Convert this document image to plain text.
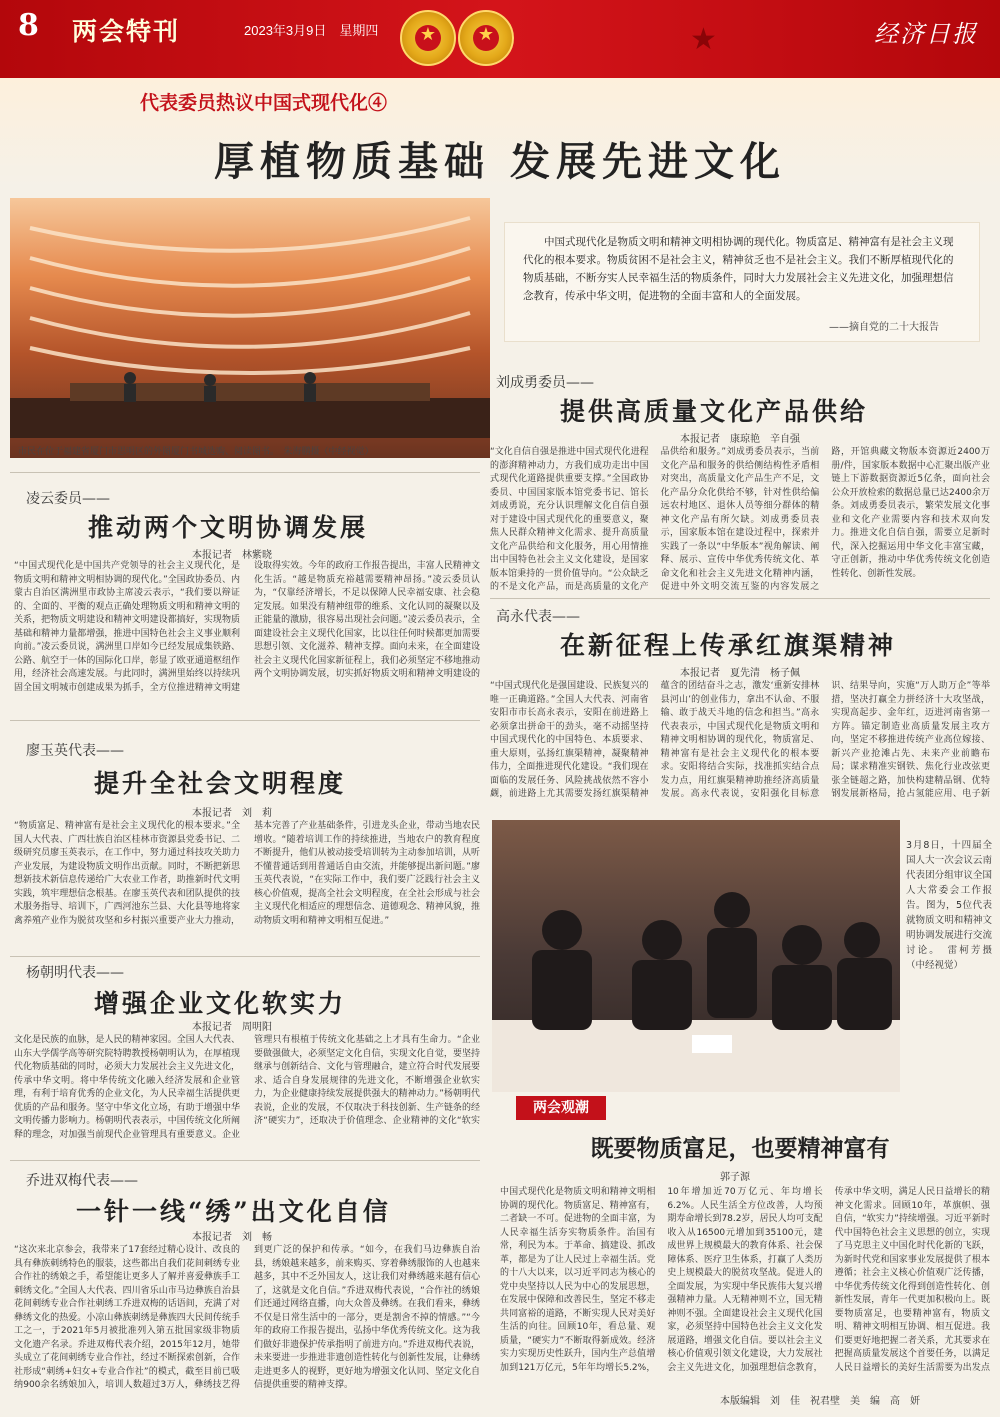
8 两会特刊	2023年3月9日　星期四	★	★	★	经济日报
代表委员热议中国式现代化④
厚植物质基础 发展先进文化
市民在位于福建省厦门市思明区的外图厦门书城选购、阅读图书。　朱海鹏摄（中经视觉）

中国式现代化是物质文明和精神文明相协调的现代化。物质富足、精神富有是社会主义现代化的根本要求。物质贫困不是社会主义，精神贫乏也不是社会主义。我们不断厚植现代化的物质基础，不断夯实人民幸福生活的物质条件，同时大力发展社会主义先进文化，加强理想信念教育，传承中华文明，促进物的全面丰富和人的全面发展。

——摘自党的二十大报告
刘成勇委员——
提供高质量文化产品供给
本报记者　康琼艳　辛自强

“文化自信自强是推进中国式现代化进程的澎湃精神动力，方我们成功走出中国式现代化道路提供重要支撑。”全国政协委员、中国国家版本馆党委书记、馆长刘成勇说，充分认识理解文化自信自强对于建设中国式现代化的重要意义，聚焦人民群众精神文化需求、提升高质量文化产品供给和文化服务，用心用情推出中国特色社会主义文化建设，是国家版本馆秉持的一贯价值导向。“公众缺乏的不是文化产品，而是高质量的文化产品供给和服务。”刘成勇委员表示，当前文化产品和服务的供给侧结构性矛盾相对突出，高质量文化产品生产不足，文化产品分众化供给不够，针对性供给偏远农村地区、退休人员等细分群体的精神文化产品有所欠缺。刘成勇委员表示，国家版本馆在建设过程中，探索并实践了一条以“中华版本”视角解读、阐释、展示、宣传中华优秀传统文化、革命文化和社会主义先进文化精神内涵，促进中外文明交流互鉴的内容发展之路，开馆典藏文物版本资源近2400万册/件，国家版本数据中心汇聚出版产业链上下游数据资源近5亿条，面向社会公众开放检索的数据总量已达2400余万条。刘成勇委员表示，繁荣发展文化事业和文化产业需要内容和技术双向发力。推进文化自信自强，需要立足新时代，深入挖掘运用中华文化丰富宝藏，守正创新，推动中华优秀传统文化创造性转化、创新性发展。

高永代表——
在新征程上传承红旗渠精神
本报记者　夏先清　杨子佩

“中国式现代化是强国建设、民族复兴的唯一正确道路。”全国人大代表、河南省安阳市市长高永表示，安阳在前进路上必须拿出拼命干的劲头，毫不动摇坚持中国式现代化的中国特色、本质要求、重大原则，弘扬红旗渠精神，凝聚精神伟力，全面推进现代化建设。“我们现在面临的发展任务、风险挑战依然不容小觑，前进路上尤其需要发扬红旗渠精神蕴含的团结奋斗之志，激发‘重新安排林县河山’的创业伟力，拿出不认命、不服输、敢于战天斗地的信念和担当。”高永代表表示，中国式现代化是物质文明和精神文明相协调的现代化，物质富足、精神富有是社会主义现代化的根本要求。安阳将结合实际，找准抓实结合点发力点，用红旗渠精神助推经济高质量发展。高永代表说，安阳强化目标意识、结果导向，实施“万人助万企”等举措，坚决打赢全力拼经济十大攻坚战，实现高起步、金年红，迈进河南省第一方阵。锚定制造业高质量发展主攻方向，坚定不移推进传统产业高位嫁接、新兴产业抢滩占先、未来产业前瞻布局；谋求精准实钢铁、焦化行业改弦更张全链超之路，加快构建精品钢、优特钢发展新格局，抢占氢能应用、电子新

凌云委员——
推动两个文明协调发展
本报记者　林紫晓

“中国式现代化是中国共产党领导的社会主义现代化，是物质文明和精神文明相协调的现代化。”全国政协委员、内蒙古自治区满洲里市政协主席凌云表示，“我们要以辩证的、全面的、平衡的观点正确处理物质文明和精神文明的关系，把物质文明建设和精神文明建设都搞好，实现物质基础和精神力量都增强，推进中国特色社会主义事业顺利向前。”凌云委员说，满洲里口岸如今已经发展成集铁路、公路、航空于一体的国际化口岸，彰显了欧亚通道枢纽作用，经济社会高速发展。与此同时，满洲里始终以持续巩固全国文明城市创建成果为抓手，全方位推进精神文明建设取得实效。今年的政府工作报告提出，丰富人民精神文化生活。“越是物质充裕越需要精神昂扬。”凌云委员认为，“仅靠经济增长，不足以保障人民幸福安康、社会稳定发展。如果没有精神纽带的维系、文化认同的凝聚以及正能量的激励，很容易出现社会问题。”凌云委员表示，全面建设社会主义现代化国家，比以往任何时候都更加需要思想引领、文化滋养、精神支撑。面向未来，在全面建设社会主义现代化国家新征程上，我们必须坚定不移地推动两个文明协调发展，切实抓好物质文明和精神文明建设的

廖玉英代表——
提升全社会文明程度
本报记者　刘　莉

“物质富足、精神富有是社会主义现代化的根本要求。”全国人大代表、广西壮族自治区桂林市资源县党委书记、二级研究员廖玉英表示，在工作中，努力通过科技攻关助力产业发展，为建设物质文明作出贡献。同时，不断把新思想新技术新信息传递给广大农业工作者，助推新时代文明实践，筑牢理想信念根基。在廖玉英代表和团队提供的技术服务指导、培训下，广西河池东兰县、大化县等地将家禽养殖产业作为脱贫攻坚和乡村振兴重要产业大力推动，基本完善了产业基础条件，引进龙头企业，带动当地农民增收。“随着培训工作的持续推进，当地农户的教育程度不断提升，他们从被动接受培训转为主动参加培训，从听不懂普通话到用普通话自由交流，并能够提出新问题。”廖玉英代表说，“在实际工作中，我们要广泛践行社会主义核心价值观，提高全社会文明程度，在全社会形成与社会主义现代化相适应的理想信念、道德观念、精神风貌，推动物质文明和精神文明相互促进。”

杨朝明代表——
增强企业文化软实力
本报记者　周明阳

文化是民族的血脉，是人民的精神家园。全国人大代表、山东大学儒学高等研究院特聘教授杨朝明认为，在厚植现代化物质基础的同时，必须大力发展社会主义先进文化，传承中华文明。将中华传统文化融入经济发展和企业管理，有利于培育优秀的企业文化，为人民幸福生活提供更优质的产品和服务。坚守中华文化立场，有助于增强中华文明传播力影响力。杨朝明代表表示，中国传统文化所阐释的理念，对加强当前现代企业管理具有重要意义。企业管理只有根植于传统文化基础之上才具有生命力。“企业要做强做大，必须坚定文化自信，实现文化自觉，要坚持继承与创新结合、文化与管理融合，建立符合时代发展要求、适合自身发展规律的先进文化，不断增强企业软实力，为企业健康持续发展提供强大的精神动力。”杨朝明代表说，企业的发展，不仅取决于科技创新、生产链条的经济“硬实力”，还取决于价值理念、企业精神的文化“软实

乔进双梅代表——
一针一线“绣”出文化自信
本报记者　刘　畅

“这次来北京参会，我带来了17套经过精心设计、改良的具有彝族刺绣特色的服装，这些都出自我们花间刺绣专业合作社的绣娘之手，希望能让更多人了解并喜爱彝族手工刺绣文化。”全国人大代表、四川省乐山市马边彝族自治县花间刺绣专业合作社刺绣工乔进双梅的话语间，充满了对彝绣文化的热爱。小凉山彝族刺绣是彝族四大民间传统手工之一，于2021年5月被批准列入第五批国家级非物质文化遗产名录。乔进双梅代表介绍，2015年12月，她带头成立了花间刺绣专业合作社，经过不断探索创新，合作社形成“刺绣+妇女+专业合作社”的模式，截至目前已吸纳900余名绣娘加入，培训人数超过3万人，彝绣技艺得到更广泛的保护和传承。“如今，在我们马边彝族自治县，绣娘越来越多，前来购买、穿着彝绣服饰的人也越来越多，其中不乏外国友人，这让我们对彝绣越来越有信心了，这就是文化自信。”乔进双梅代表说，“合作社的绣娘们还通过网络直播，向大众普及彝绣。在我们看来，彝绣不仅是日常生活中的一部分，更是割舍不掉的情感。”“今年的政府工作报告提出，弘扬中华优秀传统文化。这为我们做好非遗保护传承指明了前进方向。”乔进双梅代表说，未来要进一步推进非遗创造性转化与创新性发展，让彝绣走进更多人的视野，更好地为增强文化认同、坚定文化自信提供重要的精神支撑。

3月8日，十四届全国人大一次会议云南代表团分组审议全国人大常委会工作报告。图为，5位代表就物质文明和精神文明协调发展进行交流讨论。　雷柯芳摄（中经视觉）
两会观潮
既要物质富足，也要精神富有
郭子源

中国式现代化是物质文明和精神文明相协调的现代化。物质富足、精神富有，二者缺一不可。促进物的全面丰富，为人民幸福生活夯实物质条件。治国有常，利民为本。于革命、搞建设、抓改革，都是为了让人民过上幸福生活。党的十八大以来，以习近平同志为核心的党中央坚持以人民为中心的发展思想，在发展中保障和改善民生，坚定不移走共同富裕的道路，不断实现人民对美好生活的向往。回顾10年，看总量、观质量，“硬实力”不断取得新成效。经济实力实现历史性跃升，国内生产总值增加到121万亿元，5年年均增长5.2%，10年增加近70万亿元、年均增长6.2%。人民生活全方位改善，人均预期寿命增长到78.2岁，居民人均可支配收入从16500元增加到35100元，建成世界上规模最大的教育体系、社会保障体系、医疗卫生体系，打赢了人类历史上规模最大的脱贫攻坚战。促进人的全面发展，为实现中华民族伟大复兴增强精神力量。人无精神则不立，国无精神则不强。全面建设社会主义现代化国家，必须坚持中国特色社会主义文化发展道路，增强文化自信。要以社会主义核心价值观引领文化建设，大力发展社会主义先进文化，加强理想信念教育，传承中华文明，满足人民日益增长的精神文化需求。回顾10年，革旗帜、强自信，“软实力”持续增强。习近平新时代中国特色社会主义思想的创立，实现了马克思主义中国化时代化新的飞跃，为新时代党和国家事业发展提供了根本遵循；社会主义核心价值观广泛传播，中华优秀传统文化得到创造性转化、创新性发展，青年一代更加积极向上。既要物质富足，也要精神富有，物质文明、精神文明相互协调、相互促进。我们要更好地把握二者关系，尤其要求在把握高质量发展这个首要任务，以满足人民日益增长的美好生活需要为出发点

本版编辑　刘　佳　祝君壁　美　编　高　妍
